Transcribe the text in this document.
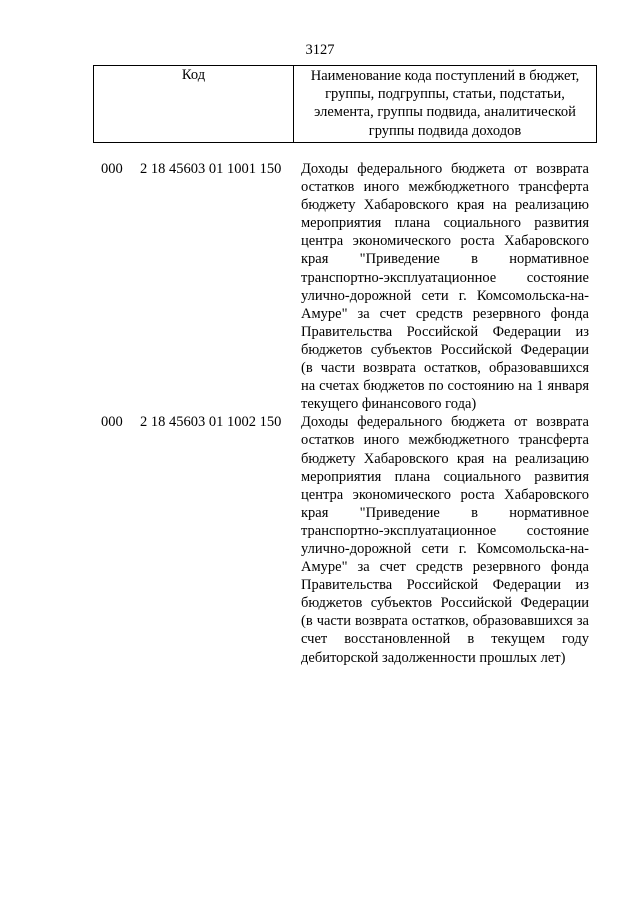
3127
Код	Наименование кода поступлений в бюджет, группы, подгруппы, статьи, подстатьи, элемента, группы подвида, аналитической группы подвида доходов
000 2 18 45603 01 1001 150 Доходы федерального бюджета от возврата остатков иного межбюджетного трансферта бюджету Хабаровского края на реализацию мероприятия плана социального развития центра экономического роста Хабаровского края "Приведение в нормативное транспортно-эксплуатационное состояние улично-дорожной сети г. Комсомольска-на-Амуре" за счет средств резервного фонда Правительства Российской Федерации из бюджетов субъектов Российской Федерации (в части возврата остатков, образовавшихся на счетах бюджетов по состоянию на 1 января текущего финансового года)
000 2 18 45603 01 1002 150 Доходы федерального бюджета от возврата остатков иного межбюджетного трансферта бюджету Хабаровского края на реализацию мероприятия плана социального развития центра экономического роста Хабаровского края "Приведение в нормативное транспортно-эксплуатационное состояние улично-дорожной сети г. Комсомольска-на-Амуре" за счет средств резервного фонда Правительства Российской Федерации из бюджетов субъектов Российской Федерации (в части возврата остатков, образовавшихся за счет восстановленной в текущем году дебиторской задолженности прошлых лет)
